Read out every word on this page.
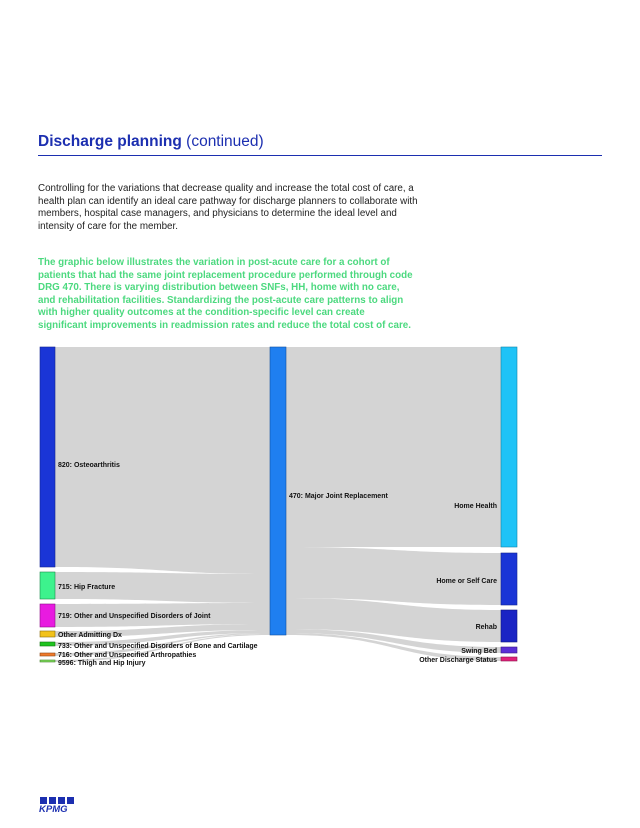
Discharge planning (continued)
Controlling for the variations that decrease quality and increase the total cost of care, a health plan can identify an ideal care pathway for discharge planners to collaborate with members, hospital case managers, and physicians to determine the ideal level and intensity of care for the member.
The graphic below illustrates the variation in post-acute care for a cohort of patients that had the same joint replacement procedure performed through code DRG 470. There is varying distribution between SNFs, HH, home with no care, and rehabilitation facilities. Standardizing the post-acute care patterns to align with higher quality outcomes at the condition-specific level can create significant improvements in readmission rates and reduce the total cost of care.
820: Osteoarthritis
715: Hip Fracture
719: Other and Unspecified Disorders of Joint
Other Admitting Dx
733: Other and Unspecified Disorders of Bone and Cartilage
716: Other and Unspecified Arthropathies
9596: Thigh and Hip Injury
470: Major Joint Replacement
Home Health
Home or Self Care
Rehab
Swing Bed
Other Discharge Status
KPMG
